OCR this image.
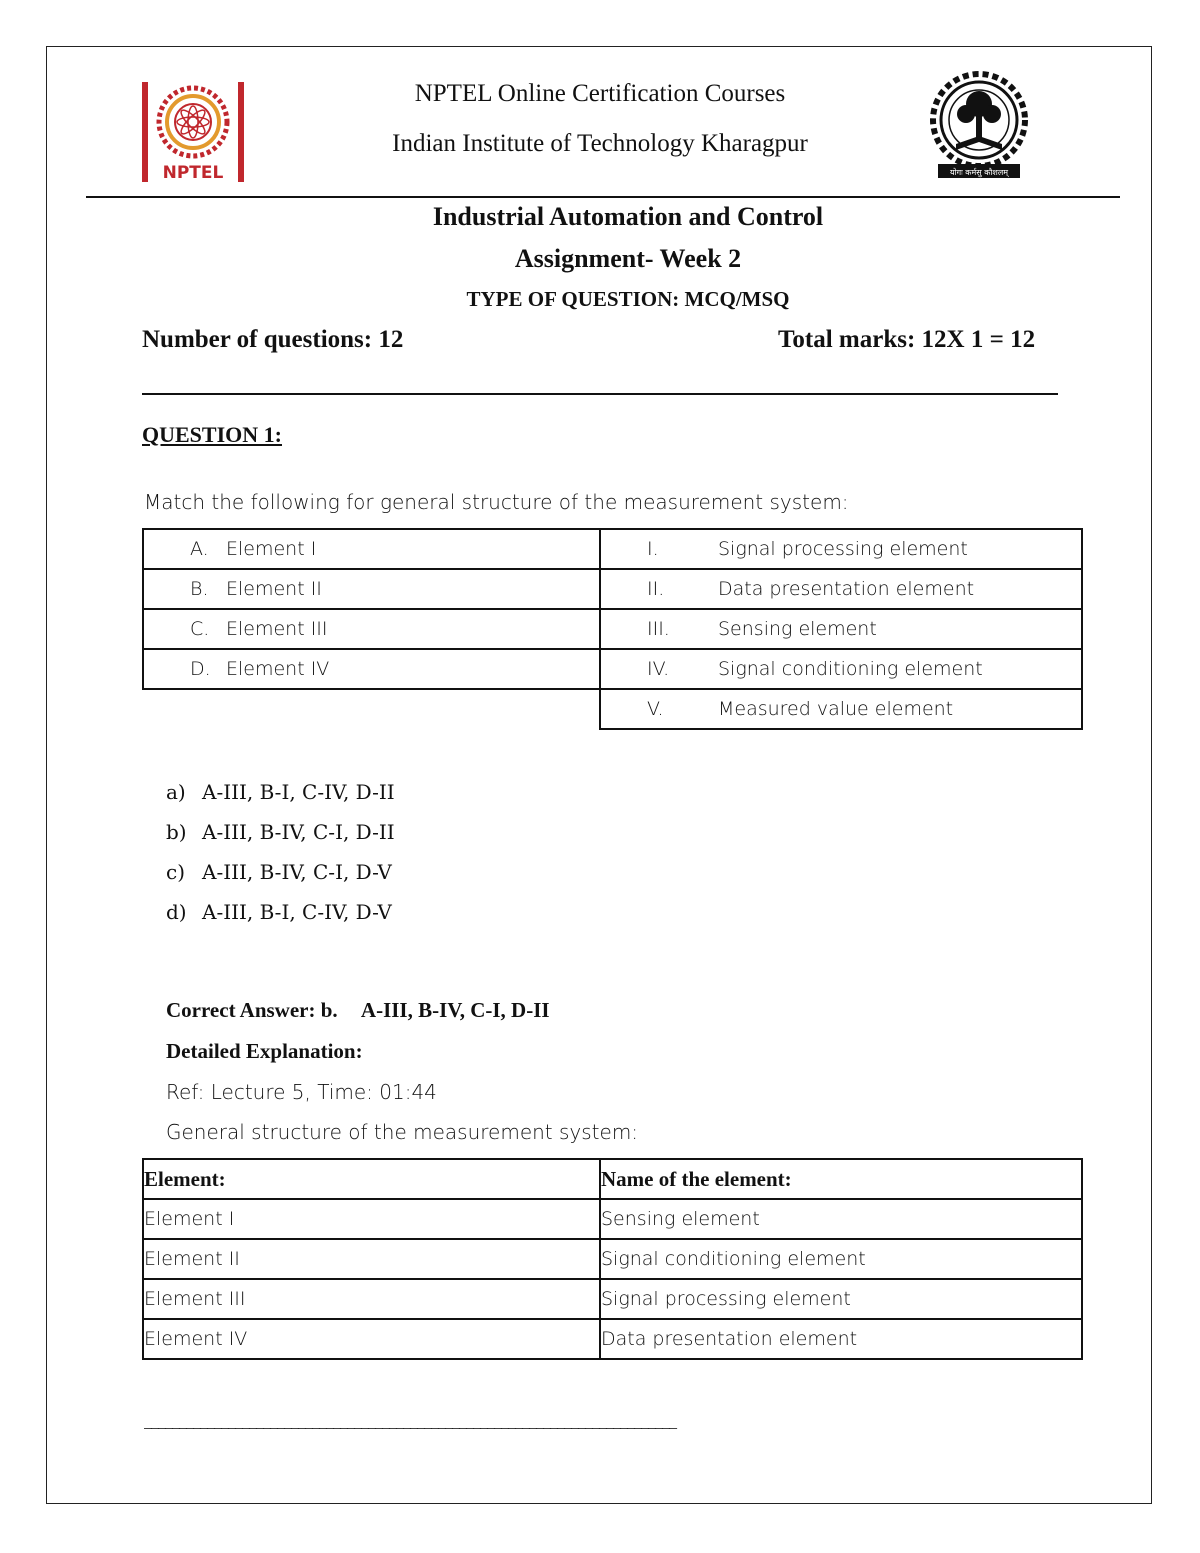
NPTEL
NPTEL Online Certification Courses
Indian Institute of Technology Kharagpur
योगः कर्मसु कौशलम्
Industrial Automation and Control
Assignment- Week 2
TYPE OF QUESTION: MCQ/MSQ
Number of questions: 12	Total marks: 12X 1 = 12
QUESTION 1:
Match the following for general structure of the measurement system:
A. Element I	I.	Signal processing element
B. Element II	II.	Data presentation element
C. Element III	III.	Sensing element
D. Element IV	IV.	Signal conditioning element
	V.	Measured value element
a) A-III, B-I, C-IV, D-II
b) A-III, B-IV, C-I, D-II
c) A-III, B-IV, C-I, D-V
d) A-III, B-I, C-IV, D-V
Correct Answer: b. A-III, B-IV, C-I, D-II
Detailed Explanation:
Ref: Lecture 5, Time: 01:44
General structure of the measurement system:
Element:	Name of the element:
Element I	Sensing element
Element II	Signal conditioning element
Element III	Signal processing element
Element IV	Data presentation element
____________________________________________________________________________
